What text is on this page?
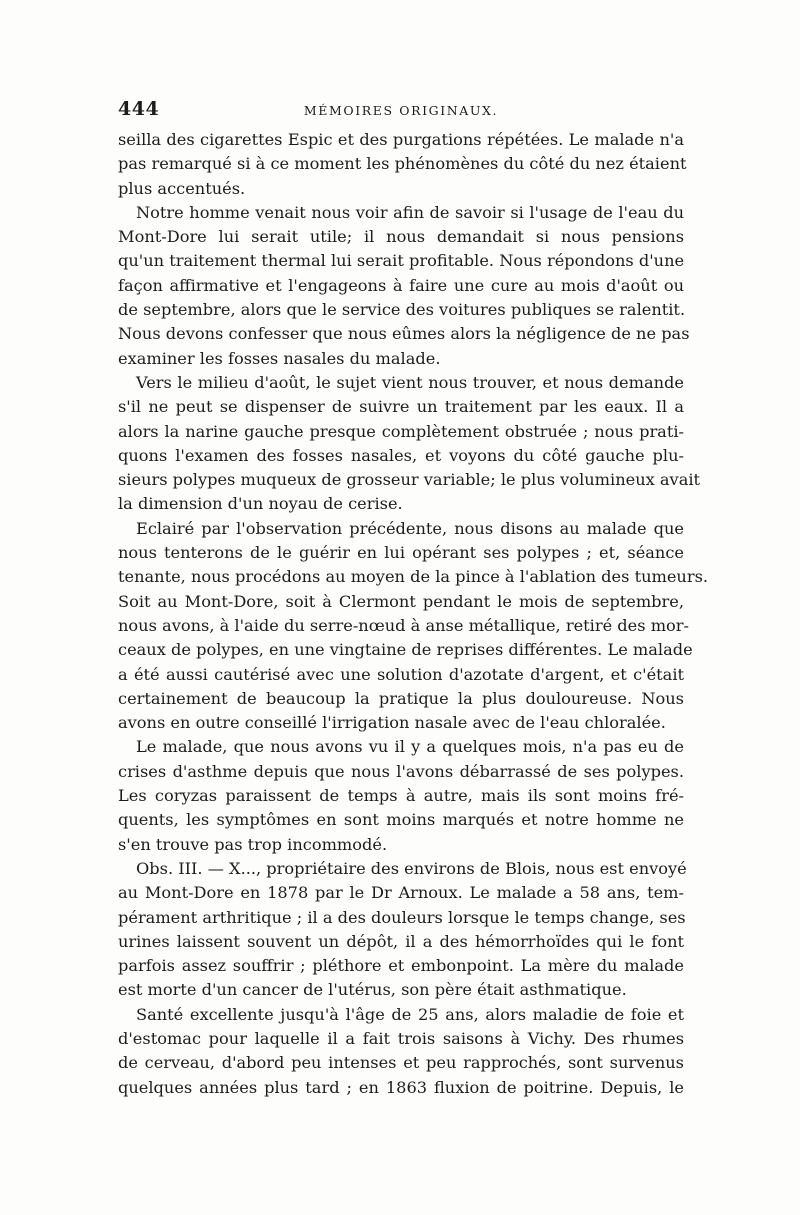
444	MÉMOIRES ORIGINAUX.
seilla des cigarettes Espic et des purgations répétées. Le malade n'a
pas remarqué si à ce moment les phénomènes du côté du nez étaient
plus accentués.
Notre homme venait nous voir afin de savoir si l'usage de l'eau du
Mont-Dore lui serait utile; il nous demandait si nous pensions
qu'un traitement thermal lui serait profitable. Nous répondons d'une
façon affirmative et l'engageons à faire une cure au mois d'août ou
de septembre, alors que le service des voitures publiques se ralentit.
Nous devons confesser que nous eûmes alors la négligence de ne pas
examiner les fosses nasales du malade.
Vers le milieu d'août, le sujet vient nous trouver, et nous demande
s'il ne peut se dispenser de suivre un traitement par les eaux. Il a
alors la narine gauche presque complètement obstruée ; nous prati-
quons l'examen des fosses nasales, et voyons du côté gauche plu-
sieurs polypes muqueux de grosseur variable; le plus volumineux avait
la dimension d'un noyau de cerise.
Eclairé par l'observation précédente, nous disons au malade que
nous tenterons de le guérir en lui opérant ses polypes ; et, séance
tenante, nous procédons au moyen de la pince à l'ablation des tumeurs.
Soit au Mont-Dore, soit à Clermont pendant le mois de septembre,
nous avons, à l'aide du serre-nœud à anse métallique, retiré des mor-
ceaux de polypes, en une vingtaine de reprises différentes. Le malade
a été aussi cautérisé avec une solution d'azotate d'argent, et c'était
certainement de beaucoup la pratique la plus douloureuse. Nous
avons en outre conseillé l'irrigation nasale avec de l'eau chloralée.
Le malade, que nous avons vu il y a quelques mois, n'a pas eu de
crises d'asthme depuis que nous l'avons débarrassé de ses polypes.
Les coryzas paraissent de temps à autre, mais ils sont moins fré-
quents, les symptômes en sont moins marqués et notre homme ne
s'en trouve pas trop incommodé.
Obs. III. — X..., propriétaire des environs de Blois, nous est envoyé
au Mont-Dore en 1878 par le Dr Arnoux. Le malade a 58 ans, tem-
pérament arthritique ; il a des douleurs lorsque le temps change, ses
urines laissent souvent un dépôt, il a des hémorrhoïdes qui le font
parfois assez souffrir ; pléthore et embonpoint. La mère du malade
est morte d'un cancer de l'utérus, son père était asthmatique.
Santé excellente jusqu'à l'âge de 25 ans, alors maladie de foie et
d'estomac pour laquelle il a fait trois saisons à Vichy. Des rhumes
de cerveau, d'abord peu intenses et peu rapprochés, sont survenus
quelques années plus tard ; en 1863 fluxion de poitrine. Depuis, le
